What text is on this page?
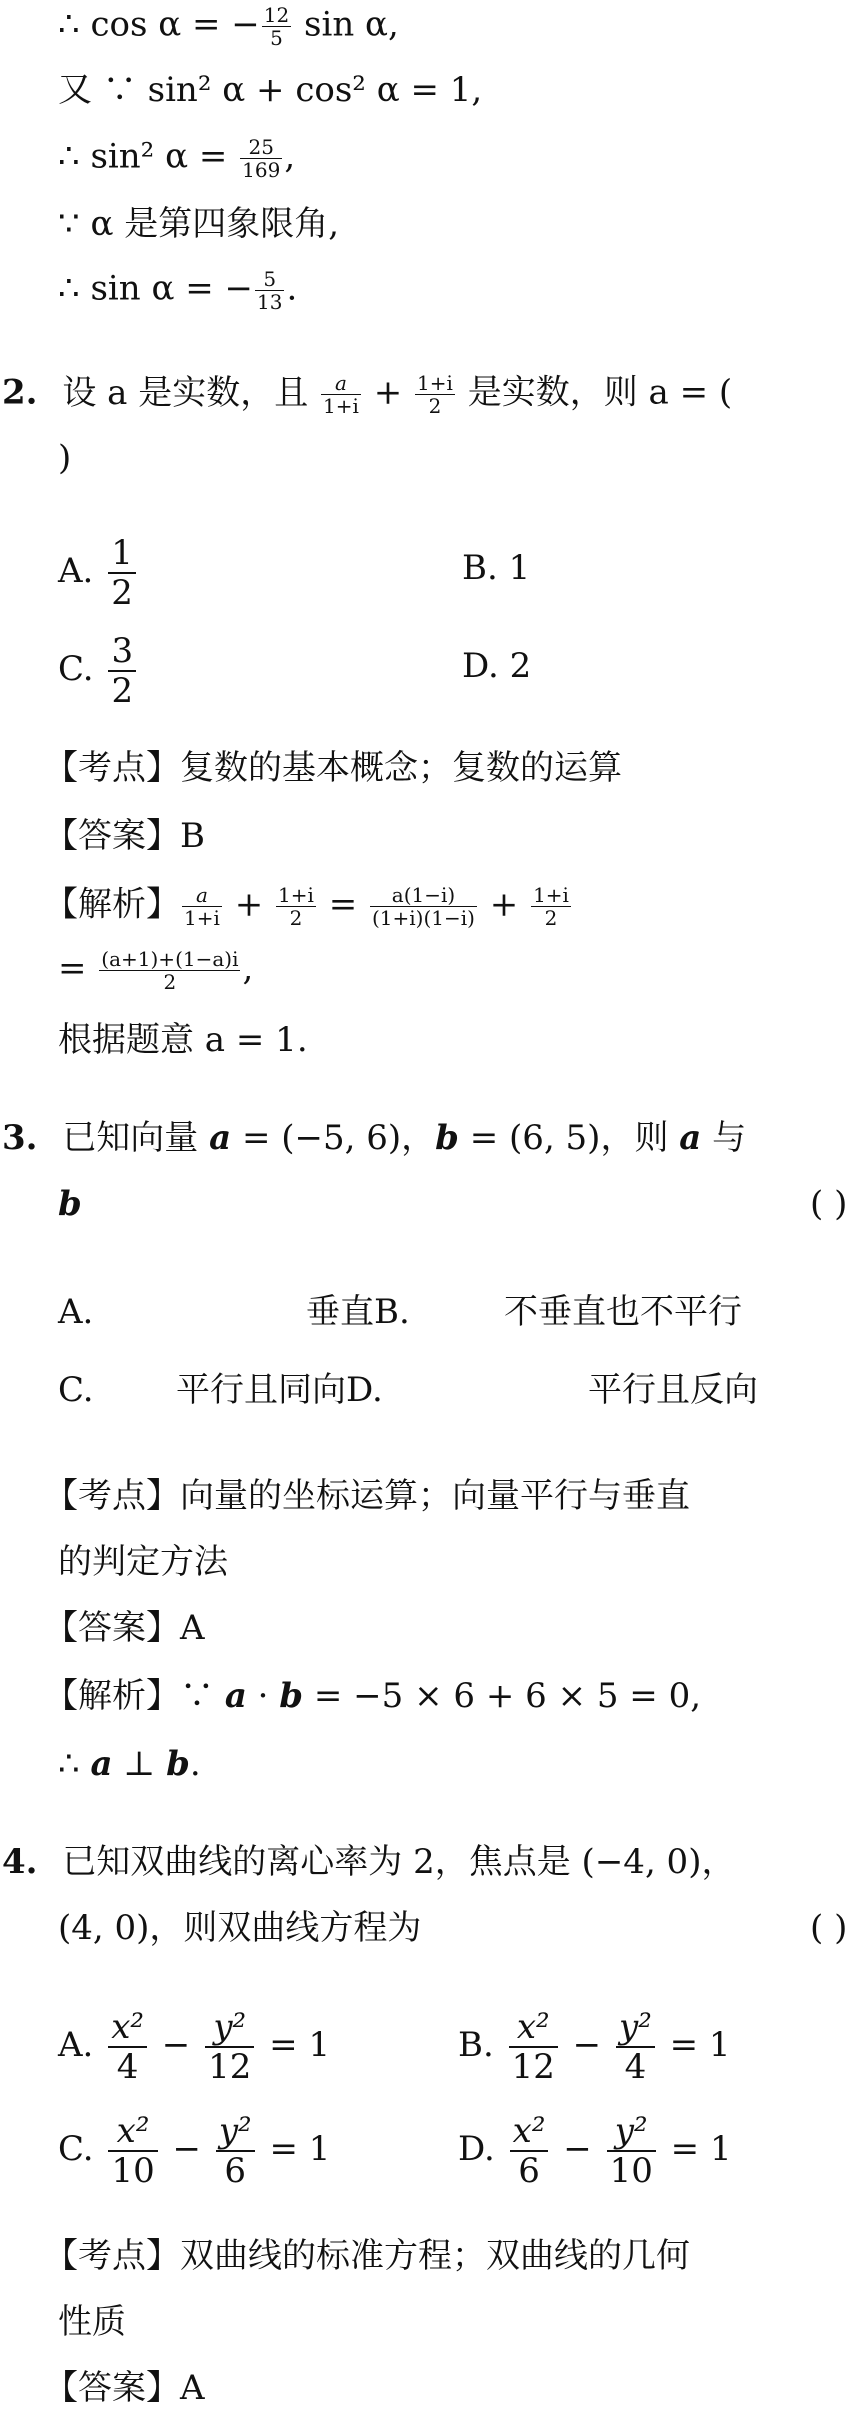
∴ cos α = − $\frac{12}{5}$ sin α,
又 ∵ sin² α + cos² α = 1,
∴ sin² $\alpha = \frac{25}{169}$ ,
∵ α 是第四象限角,
∴ sin α = − $\frac{5}{13}$ .
2. 设 a 是实数，且 $\frac{a}{1+i} + \frac{1+i}{2}$ 是实数，则 a = (
)
A. $\frac{1}{2}$	B. 1
C. $\frac{3}{2}$	D. 2
【考点】复数的基本概念；复数的运算
【答案】B
【解析】 $\frac{a}{1+i} + \frac{1+i}{2} = \frac{a(1-i)}{(1+i)(1-i)} + \frac{1+i}{2}$
= $\frac{(a+1)+(1-a)i}{2}$ ,
根据题意 a = 1.
3. 已知向量 a = (−5, 6)，b = (6, 5)，则 a 与
b	( )
A.	垂直B.	不垂直也不平行
C. 平行且同向D.	平行且反向
【考点】向量的坐标运算；向量平行与垂直
的判定方法
【答案】A
【解析】∵ a · b = −5 × 6 + 6 × 5 = 0,
∴ a ⊥ b.
4. 已知双曲线的离心率为 2，焦点是 (−4, 0)，
(4, 0)，则双曲线方程为	( )
A. $\frac{\text{x²}}{4} - \frac{\text{y²}}{12} = 1$	B. $\frac{\text{x²}}{12} - \frac{\text{y²}}{4} = 1$
C. $\frac{\text{x²}}{10} - \frac{\text{y²}}{6} = 1$	D. $\frac{\text{x²}}{6} - \frac{\text{y²}}{10} = 1$
【考点】双曲线的标准方程；双曲线的几何
性质
【答案】A
